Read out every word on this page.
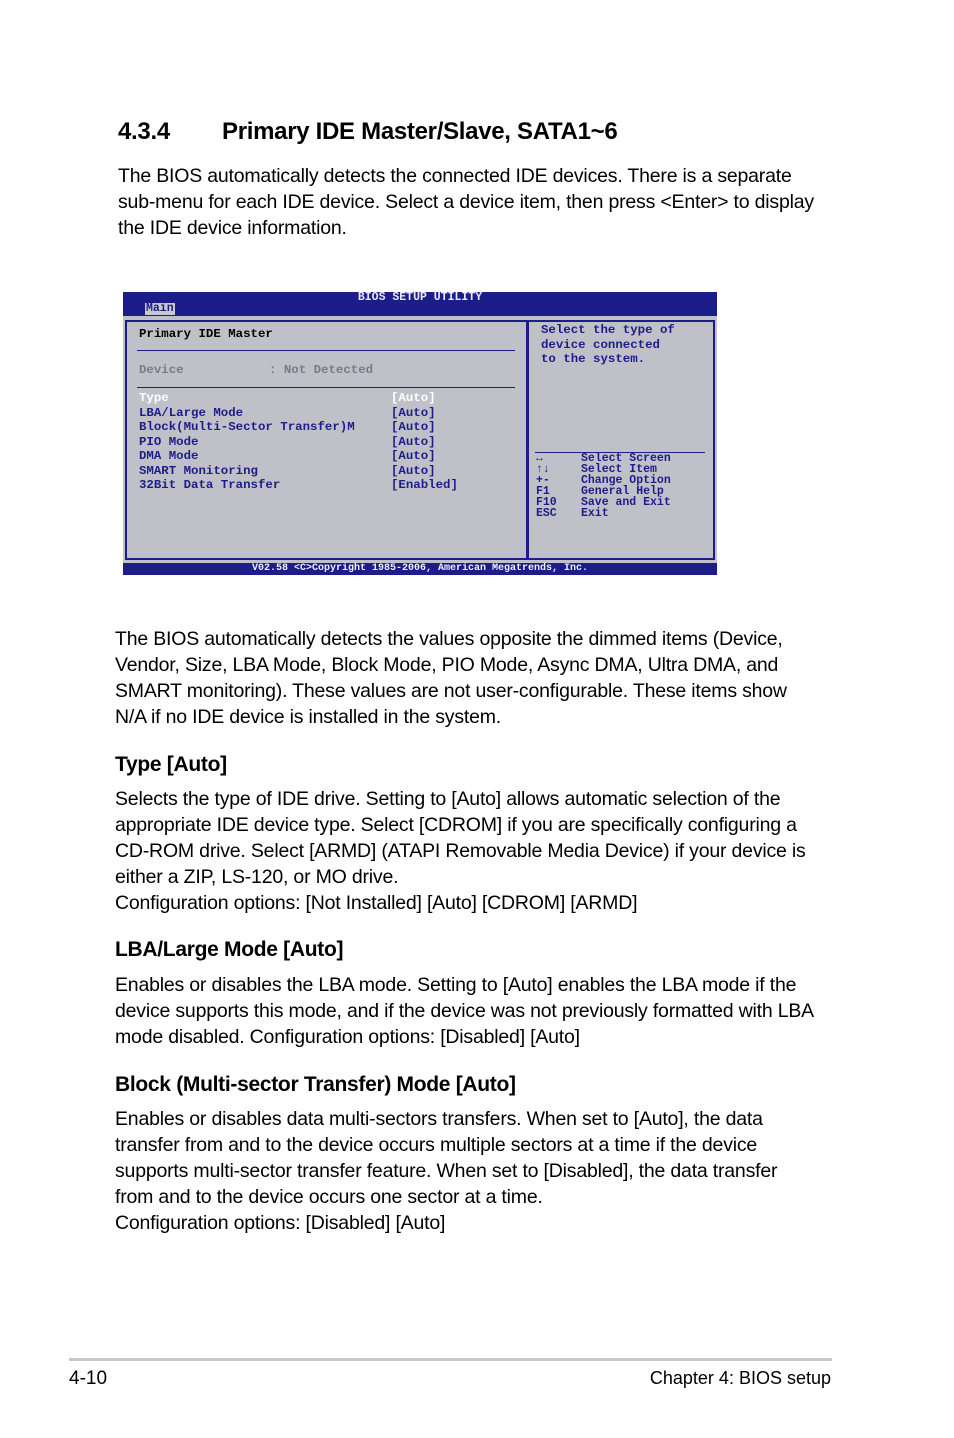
4.3.4 Primary IDE Master/Slave, SATA1~6

The BIOS automatically detects the connected IDE devices. There is a separate
sub-menu for each IDE device. Select a device item, then press <Enter> to display
the IDE device information.

BIOS SETUP UTILITY
Main
Primary IDE Master
Device	: Not Detected
Type	[Auto]
LBA/Large Mode	[Auto]
Block(Multi-Sector Transfer)M	[Auto]
PIO Mode	[Auto]
DMA Mode	[Auto]
SMART Monitoring	[Auto]
32Bit Data Transfer	[Enabled]
Select the type of
device connected
to the system.
↔	Select Screen
↑↓	Select Item
+-	Change Option
F1	General Help
F10 Save and Exit
ESC Exit
V02.58 <C>Copyright 1985-2006, American Megatrends, Inc.

The BIOS automatically detects the values opposite the dimmed items (Device,
Vendor, Size, LBA Mode, Block Mode, PIO Mode, Async DMA, Ultra DMA, and
SMART monitoring). These values are not user-configurable. These items show
N/A if no IDE device is installed in the system.

Type [Auto]

Selects the type of IDE drive. Setting to [Auto] allows automatic selection of the
appropriate IDE device type. Select [CDROM] if you are specifically configuring a
CD-ROM drive. Select [ARMD] (ATAPI Removable Media Device) if your device is
either a ZIP, LS-120, or MO drive.
Configuration options: [Not Installed] [Auto] [CDROM] [ARMD]

LBA/Large Mode [Auto]

Enables or disables the LBA mode. Setting to [Auto] enables the LBA mode if the
device supports this mode, and if the device was not previously formatted with LBA
mode disabled. Configuration options: [Disabled] [Auto]

Block (Multi-sector Transfer) Mode [Auto]

Enables or disables data multi-sectors transfers. When set to [Auto], the data
transfer from and to the device occurs multiple sectors at a time if the device
supports multi-sector transfer feature. When set to [Disabled], the data transfer
from and to the device occurs one sector at a time.
Configuration options: [Disabled] [Auto]

4-10	Chapter 4: BIOS setup
